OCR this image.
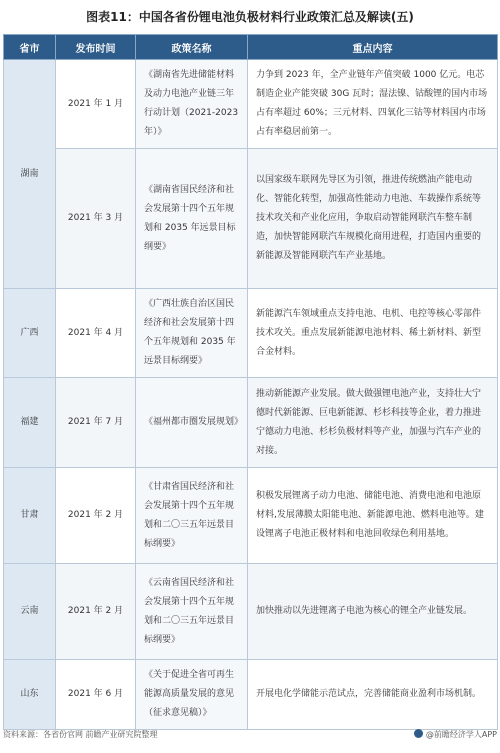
图表11：中国各省份锂电池负极材料行业政策汇总及解读(五)
省市	发布时间	政策名称	重点内容
湖南	2021 年 1 月	《湖南省先进储能材料及动力电池产业链三年行动计划（2021-2023年）》	力争到 2023 年，全产业链年产值突破 1000 亿元。电芯制造企业产能突破 30G 瓦时；湿法镍、钴酸锂的国内市场占有率超过 60%；三元材料、四氧化三钴等材料国内市场占有率稳居前第一。
	2021 年 3 月	《湖南省国民经济和社会发展第十四个五年规划和 2035 年远景目标纲要》	以国家级车联网先导区为引领，推进传统燃油产能电动化、智能化转型，加强高性能动力电池、车载操作系统等技术攻关和产业化应用，争取启动智能网联汽车整车制造，加快智能网联汽车规模化商用进程，打造国内重要的新能源及智能网联汽车产业基地。
广西	2021 年 4 月	《广西壮族自治区国民经济和社会发展第十四个五年规划和 2035 年远景目标纲要》	新能源汽车领域重点支持电池、电机、电控等核心零部件技术攻关。重点发展新能源电池材料、稀土新材料、新型合金材料。
福建	2021 年 7 月	《福州都市圈发展规划》	推动新能源产业发展。做大做强锂电池产业，支持壮大宁德时代新能源、巨电新能源、杉杉科技等企业，着力推进宁德动力电池、杉杉负极材料等产业，加强与汽车产业的对接。
甘肃	2021 年 2 月	《甘肃省国民经济和社会发展第十四个五年规划和二〇三五年远景目标纲要》	积极发展锂离子动力电池、储能电池、消费电池和电池原材料,发展薄膜太阳能电池、新能源电池、燃料电池等。建设锂离子电池正极材料和电池回收绿色利用基地。
云南	2021 年 2 月	《云南省国民经济和社会发展第十四个五年规划和二〇三五年远景目标纲要》	加快推动以先进锂离子电池为核心的锂全产业链发展。
山东	2021 年 6 月	《关于促进全省可再生能源高质量发展的意见（征求意见稿）》	开展电化学储能示范试点，完善储能商业盈利市场机制。
资料来源：各省份官网 前瞻产业研究院整理	@前瞻经济学人APP
